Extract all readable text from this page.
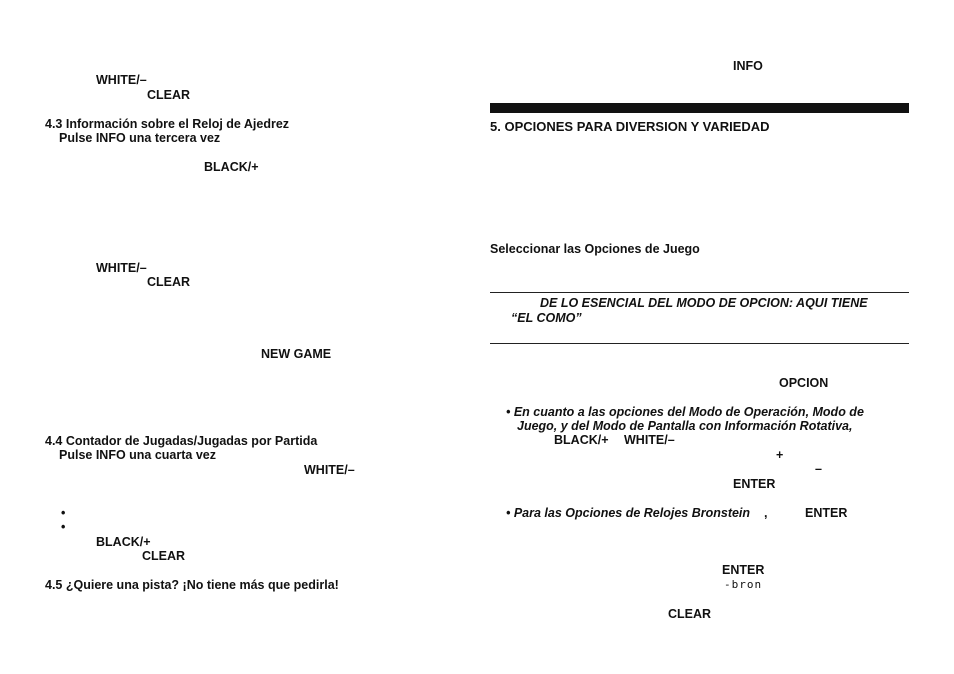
WHITE/–
CLEAR
4.3 Información sobre el Reloj de Ajedrez
Pulse INFO una tercera vez
BLACK/+
WHITE/–
CLEAR
NEW GAME
4.4 Contador de Jugadas/Jugadas por Partida
Pulse INFO una cuarta vez
WHITE/–
•
•
BLACK/+
CLEAR
4.5 ¿Quiere una pista? ¡No tiene más que pedirla!
INFO
5. OPCIONES PARA DIVERSION Y VARIEDAD
Seleccionar las Opciones de Juego
DE LO ESENCIAL DEL MODO DE OPCION: AQUI TIENE
“EL COMO”
OPCION
• En cuanto a las opciones del Modo de Operación, Modo de
Juego, y del Modo de Pantalla con Información Rotativa,
BLACK/+ WHITE/–
+
–
ENTER
• Para las Opciones de Relojes Bronstein ,	ENTER
ENTER
-bron
CLEAR
